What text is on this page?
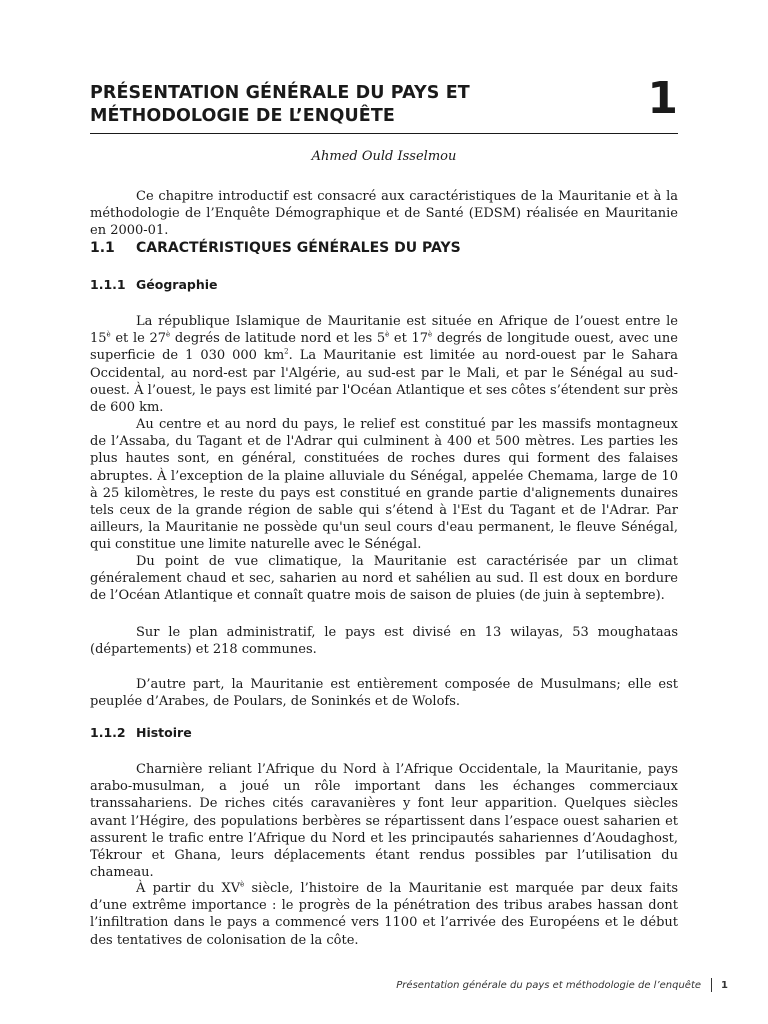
PRÉSENTATION GÉNÉRALE DU PAYS ET
MÉTHODOLOGIE DE L’ENQUÊTE	1
Ahmed Ould Isselmou

Ce chapitre introductif est consacré aux caractéristiques de la Mauritanie et à la méthodologie de l’Enquête Démographique et de Santé (EDSM) réalisée en Mauritanie en 2000-01.

1.1 CARACTÉRISTIQUES GÉNÉRALES DU PAYS
1.1.1 Géographie

La république Islamique de Mauritanie est située en Afrique de l’ouest entre le $15^è$ et le $27^è$ degrés de latitude nord et les $5^è$ et $17^è$ degrés de longitude ouest, avec une superficie de 1 030 000 $km^2$. La Mauritanie est limitée au nord-ouest par le Sahara Occidental, au nord-est par l'Algérie, au sud-est par le Mali, et par le Sénégal au sud-ouest. À l’ouest, le pays est limité par l'Océan Atlantique et ses côtes s’étendent sur près de 600 km.

Au centre et au nord du pays, le relief est constitué par les massifs montagneux de l’Assaba, du Tagant et de l'Adrar qui culminent à 400 et 500 mètres. Les parties les plus hautes sont, en général, constituées de roches dures qui forment des falaises abruptes. À l’exception de la plaine alluviale du Sénégal, appelée Chemama, large de 10 à 25 kilomètres, le reste du pays est constitué en grande partie d'alignements dunaires tels ceux de la grande région de sable qui s’étend à l'Est du Tagant et de l'Adrar. Par ailleurs, la Mauritanie ne possède qu'un seul cours d'eau permanent, le fleuve Sénégal, qui constitue une limite naturelle avec le Sénégal.

Du point de vue climatique, la Mauritanie est caractérisée par un climat généralement chaud et sec, saharien au nord et sahélien au sud. Il est doux en bordure de l’Océan Atlantique et connaît quatre mois de saison de pluies (de juin à septembre).

Sur le plan administratif, le pays est divisé en 13 wilayas, 53 moughataas (départements) et 218 communes.

D’autre part, la Mauritanie est entièrement composée de Musulmans; elle est peuplée d’Arabes, de Poulars, de Soninkés et de Wolofs.

1.1.2 Histoire

Charnière reliant l’Afrique du Nord à l’Afrique Occidentale, la Mauritanie, pays arabo-musulman, a joué un rôle important dans les échanges commerciaux transsahariens. De riches cités caravanières y font leur apparition. Quelques siècles avant l’Hégire, des populations berbères se répartissent dans l’espace ouest saharien et assurent le trafic entre l’Afrique du Nord et les principautés sahariennes d’Aoudaghost, Tékrour et Ghana, leurs déplacements étant rendus possibles par l’utilisation du chameau.

À partir du $XV^è$ siècle, l’histoire de la Mauritanie est marquée par deux faits d’une extrême importance : le progrès de la pénétration des tribus arabes hassan dont l’infiltration dans le pays a commencé vers 1100 et l’arrivée des Européens et le début des tentatives de colonisation de la côte.

Présentation générale du pays et méthodologie de l’enquête 1
